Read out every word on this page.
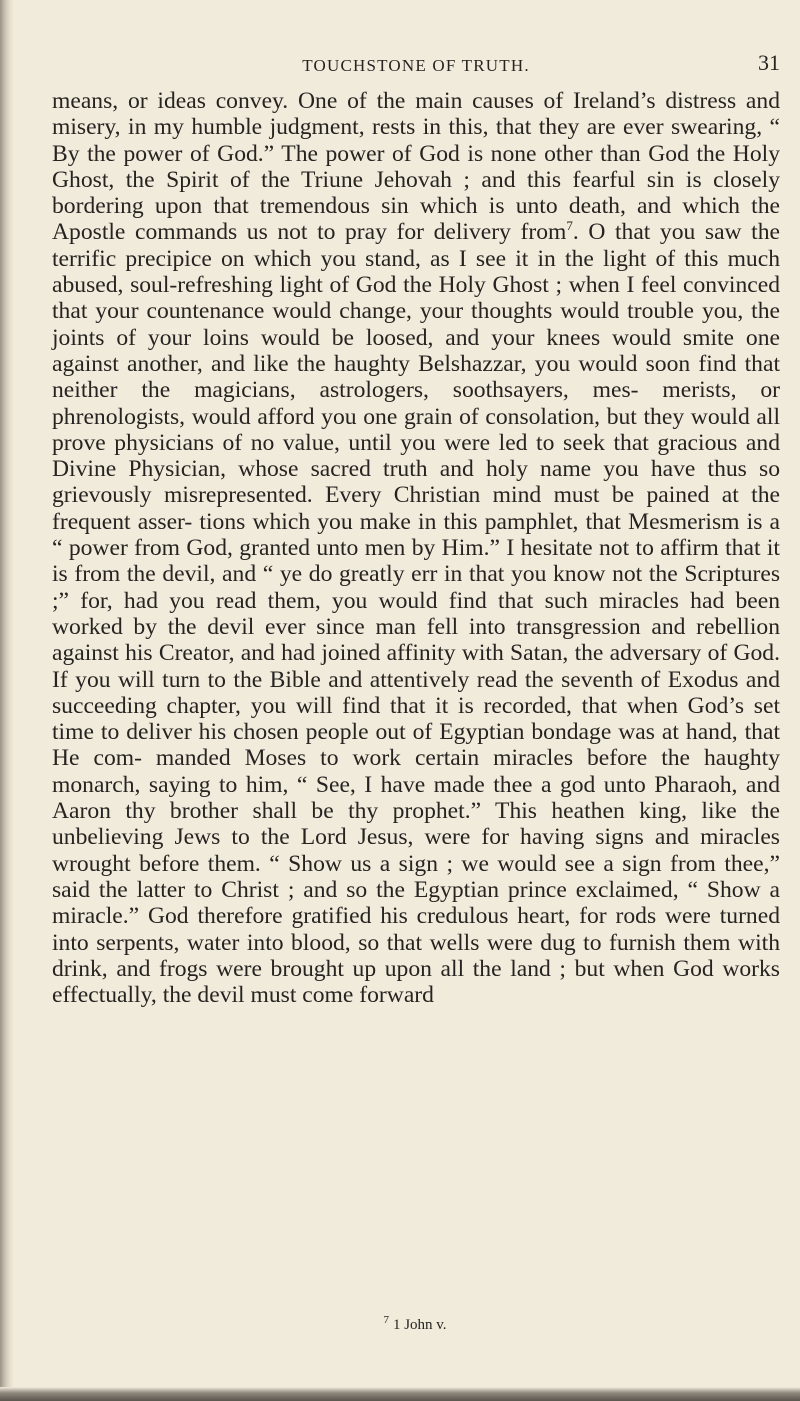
TOUCHSTONE OF TRUTH.	31

means, or ideas convey. One of the main causes of Ireland’s distress and misery, in my humble judgment, rests in this, that they are ever swearing, “ By the power of God.” The power of God is none other than God the Holy Ghost, the Spirit of the Triune Jehovah ; and this fearful sin is closely bordering upon that tremendous sin which is unto death, and which the Apostle commands us not to pray for delivery from$^7$. O that you saw the terrific precipice on which you stand, as I see it in the light of this much abused, soul-refreshing light of God the Holy Ghost ; when I feel convinced that your countenance would change, your thoughts would trouble you, the joints of your loins would be loosed, and your knees would smite one against another, and like the haughty Belshazzar, you would soon find that neither the magicians, astrologers, soothsayers, mes- merists, or phrenologists, would afford you one grain of consolation, but they would all prove physicians of no value, until you were led to seek that gracious and Divine Physician, whose sacred truth and holy name you have thus so grievously misrepresented. Every Christian mind must be pained at the frequent asser- tions which you make in this pamphlet, that Mesmerism is a “ power from God, granted unto men by Him.” I hesitate not to affirm that it is from the devil, and “ ye do greatly err in that you know not the Scriptures ;” for, had you read them, you would find that such miracles had been worked by the devil ever since man fell into transgression and rebellion against his Creator, and had joined affinity with Satan, the adversary of God. If you will turn to the Bible and attentively read the seventh of Exodus and succeeding chapter, you will find that it is recorded, that when God’s set time to deliver his chosen people out of Egyptian bondage was at hand, that He com- manded Moses to work certain miracles before the haughty monarch, saying to him, “ See, I have made thee a god unto Pharaoh, and Aaron thy brother shall be thy prophet.” This heathen king, like the unbelieving Jews to the Lord Jesus, were for having signs and miracles wrought before them. “ Show us a sign ; we would see a sign from thee,” said the latter to Christ ; and so the Egyptian prince exclaimed, “ Show a miracle.” God therefore gratified his credulous heart, for rods were turned into serpents, water into blood, so that wells were dug to furnish them with drink, and frogs were brought up upon all the land ; but when God works effectually, the devil must come forward

$^7$ 1 John v.
